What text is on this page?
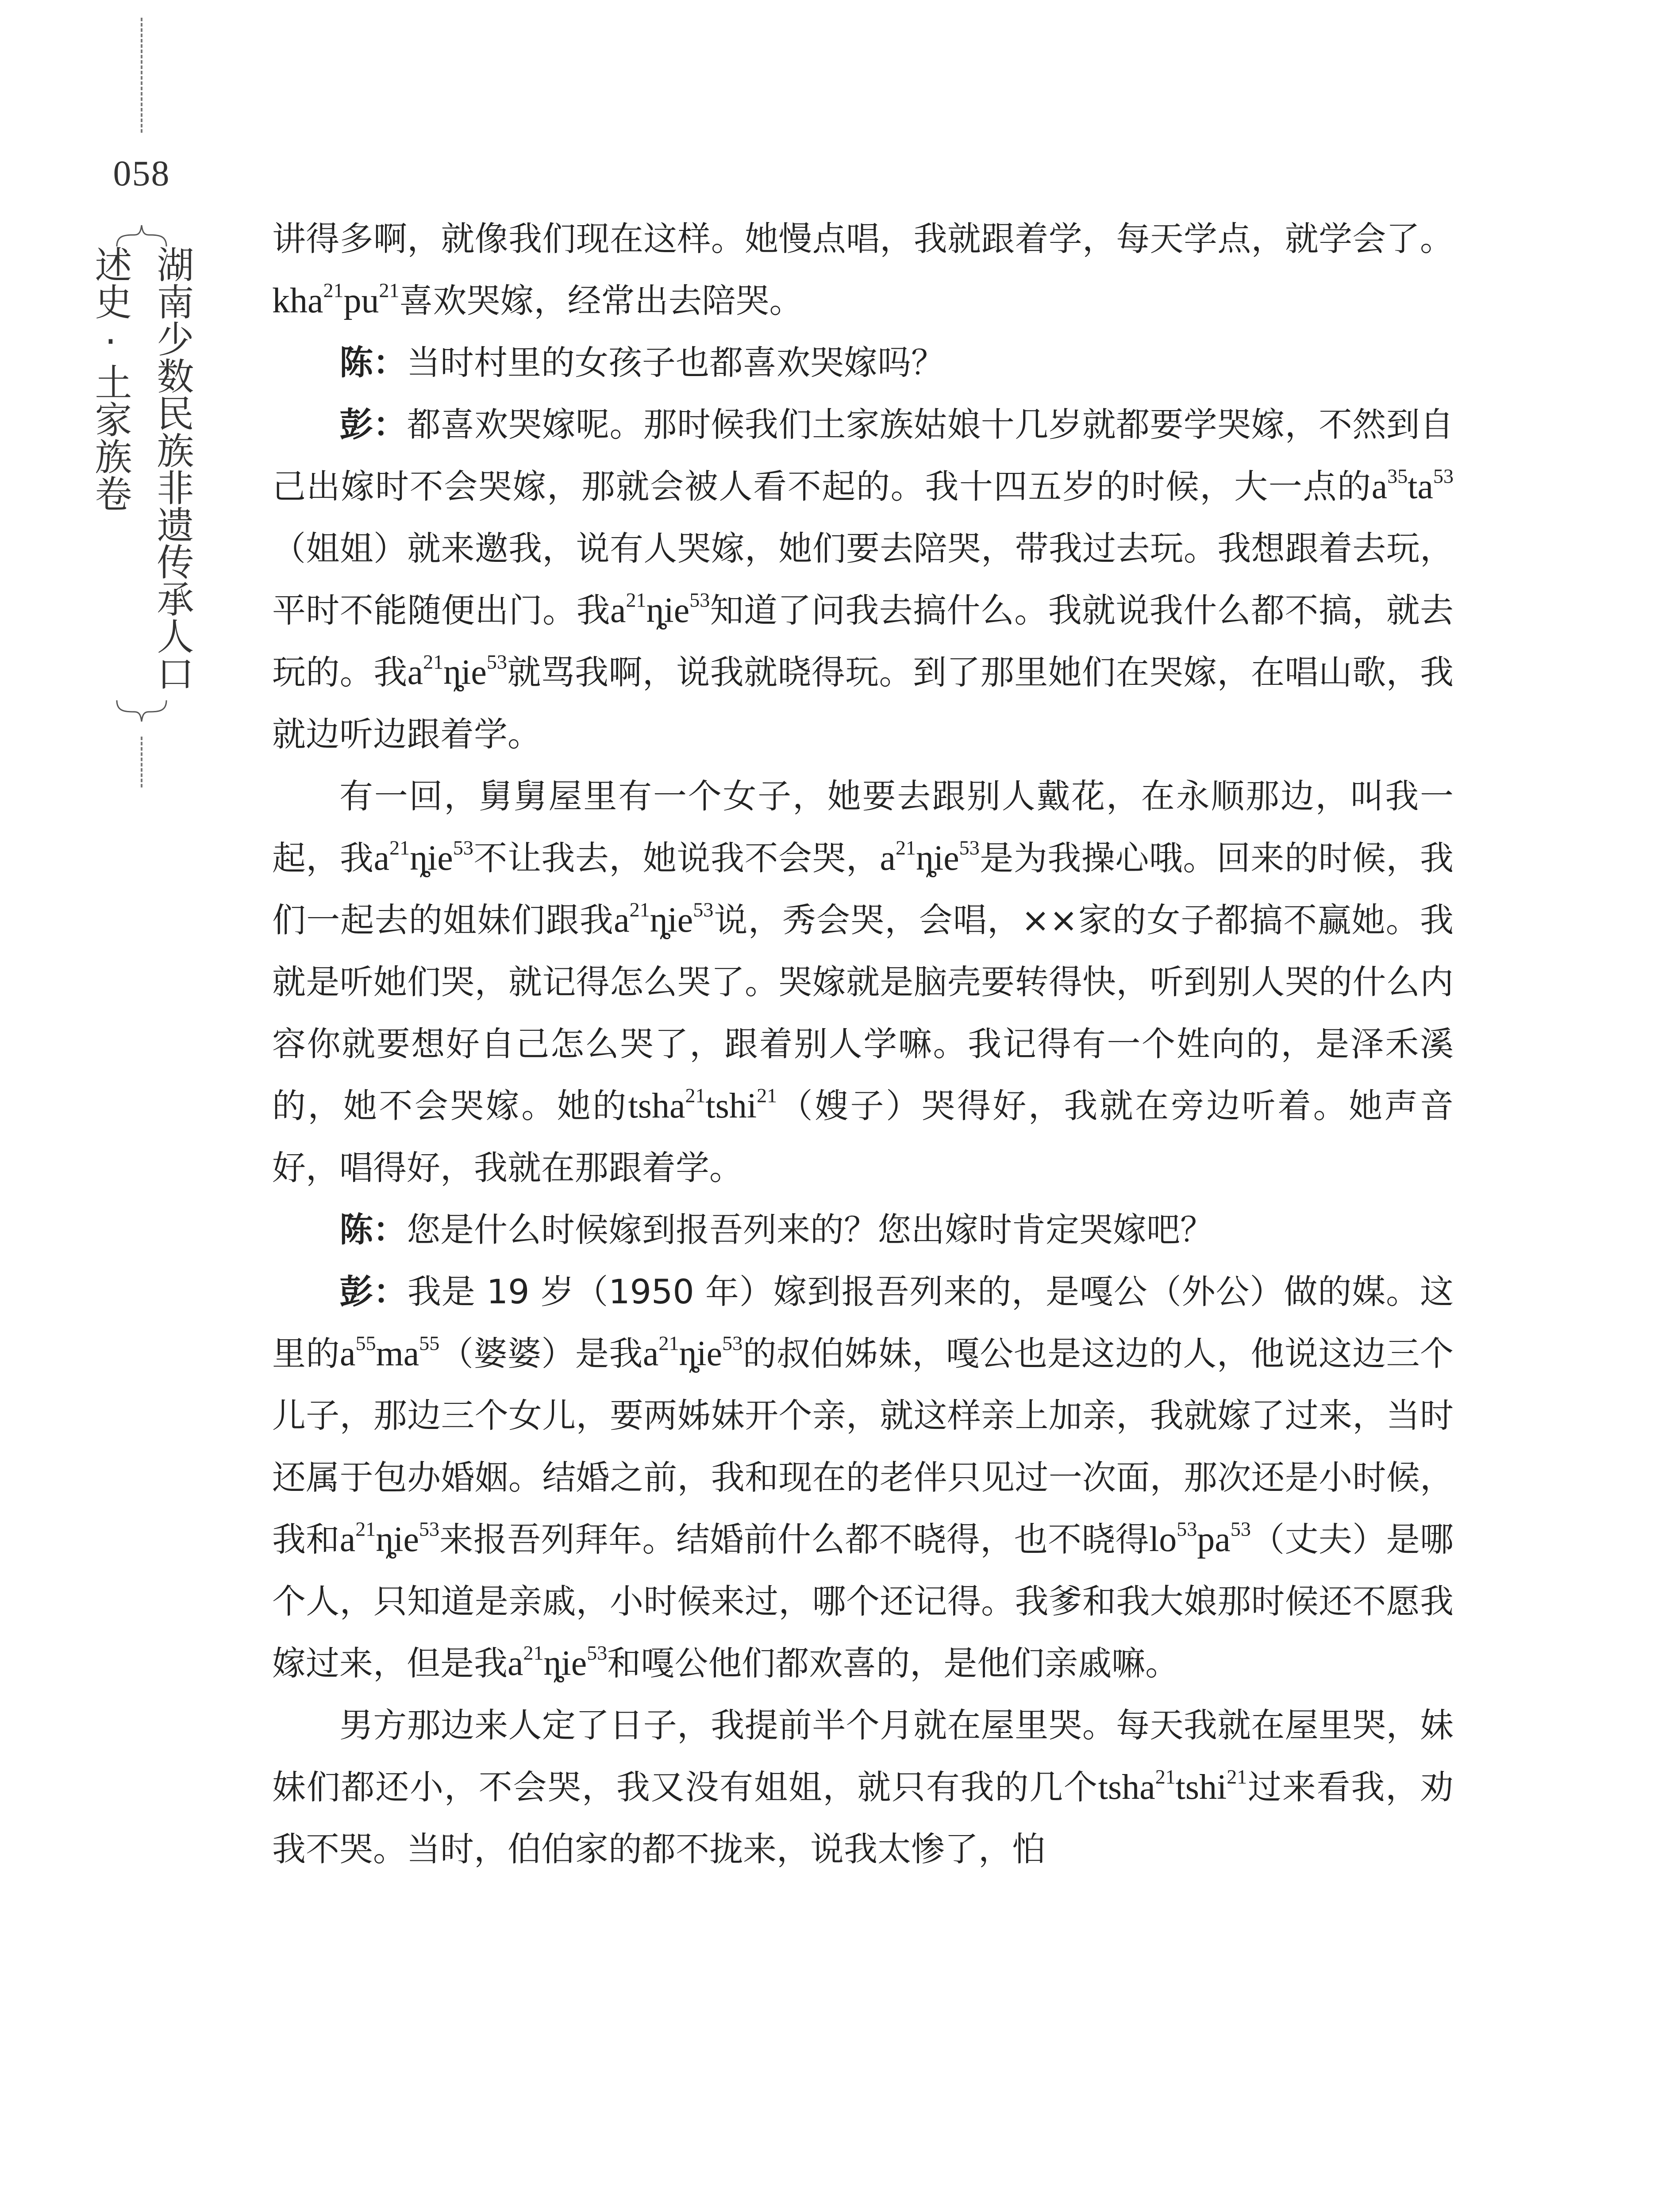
058
湖南少数民族非遗传承人口述史·土家族卷

讲得多啊，就像我们现在这样。她慢点唱，我就跟着学，每天学点，就学会了。$kha^{21}pu^{21}$喜欢哭嫁，经常出去陪哭。

陈：当时村里的女孩子也都喜欢哭嫁吗？

彭：都喜欢哭嫁呢。那时候我们土家族姑娘十几岁就都要学哭嫁，不然到自己出嫁时不会哭嫁，那就会被人看不起的。我十四五岁的时候，大一点的$a^{35}ta^{53}$（姐姐）就来邀我，说有人哭嫁，她们要去陪哭，带我过去玩。我想跟着去玩，平时不能随便出门。我$a^{21}ȵie^{53}$知道了问我去搞什么。我就说我什么都不搞，就去玩的。我$a^{21}ȵie^{53}$就骂我啊，说我就晓得玩。到了那里她们在哭嫁，在唱山歌，我就边听边跟着学。

有一回，舅舅屋里有一个女子，她要去跟别人戴花，在永顺那边，叫我一起，我$a^{21}ȵie^{53}$不让我去，她说我不会哭，$a^{21}ȵie^{53}$是为我操心哦。回来的时候，我们一起去的姐妹们跟我$a^{21}ȵie^{53}$说，秀会哭，会唱，××家的女子都搞不赢她。我就是听她们哭，就记得怎么哭了。哭嫁就是脑壳要转得快，听到别人哭的什么内容你就要想好自己怎么哭了，跟着别人学嘛。我记得有一个姓向的，是泽禾溪的，她不会哭嫁。她的tsha$^{21}$tshi$^{21}$（嫂子）哭得好，我就在旁边听着。她声音好，唱得好，我就在那跟着学。

陈：您是什么时候嫁到报吾列来的？您出嫁时肯定哭嫁吧？

彭：我是 19 岁（1950 年）嫁到报吾列来的，是嘎公（外公）做的媒。这里的$a^{55}ma^{55}$（婆婆）是我$a^{21}ȵie^{53}$的叔伯姊妹，嘎公也是这边的人，他说这边三个儿子，那边三个女儿，要两姊妹开个亲，就这样亲上加亲，我就嫁了过来，当时还属于包办婚姻。结婚之前，我和现在的老伴只见过一次面，那次还是小时候，我和$a^{21}ȵie^{53}$来报吾列拜年。结婚前什么都不晓得，也不晓得$lo^{53}pa^{53}$（丈夫）是哪个人，只知道是亲戚，小时候来过，哪个还记得。我爹和我大娘那时候还不愿我嫁过来，但是我$a^{21}ȵie^{53}$和嘎公他们都欢喜的，是他们亲戚嘛。

男方那边来人定了日子，我提前半个月就在屋里哭。每天我就在屋里哭，妹妹们都还小，不会哭，我又没有姐姐，就只有我的几个tsha$^{21}$tshi$^{21}$过来看我，劝我不哭。当时，伯伯家的都不拢来，说我太惨了，怕
